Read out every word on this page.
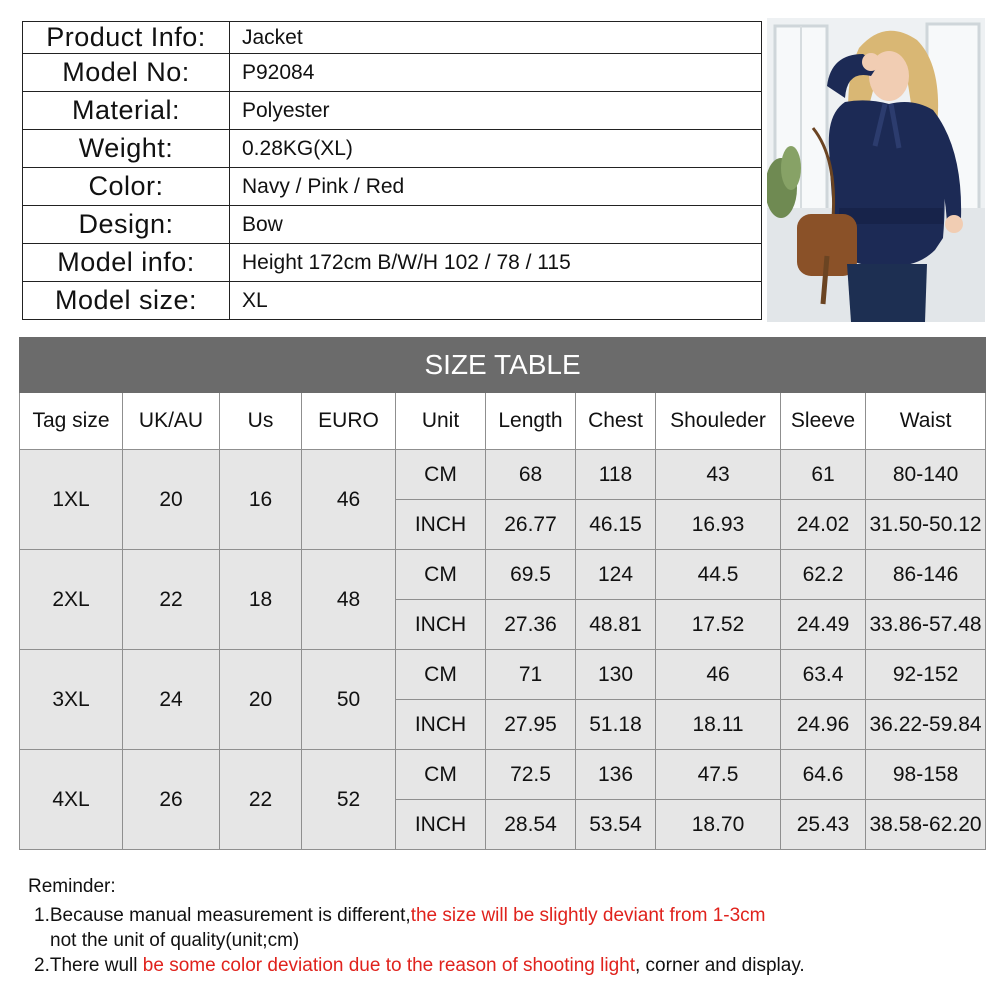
Product Info:	Jacket
Model No:	P92084
Material:	Polyester
Weight:	0.28KG(XL)
Color:	Navy / Pink / Red
Design:	Bow
Model info:	Height 172cm B/W/H 102 / 78 / 115
Model size:	XL
SIZE TABLE									
Tag size	UK/AU	Us	EURO	Unit	Length	Chest	Shouleder	Sleeve	Waist
1XL	20	16	46	CM	68	118	43	61	80-140
				INCH	26.77	46.15	16.93	24.02	31.50-50.12
2XL	22	18	48	CM	69.5	124	44.5	62.2	86-146
				INCH	27.36	48.81	17.52	24.49	33.86-57.48
3XL	24	20	50	CM	71	130	46	63.4	92-152
				INCH	27.95	51.18	18.11	24.96	36.22-59.84
4XL	26	22	52	CM	72.5	136	47.5	64.6	98-158
				INCH	28.54	53.54	18.70	25.43	38.58-62.20
Reminder:
1.Because manual measurement is different,the size will be slightly deviant from 1-3cm
not the unit of quality(unit;cm)
2.There wull be some color deviation due to the reason of shooting light, corner and display.
